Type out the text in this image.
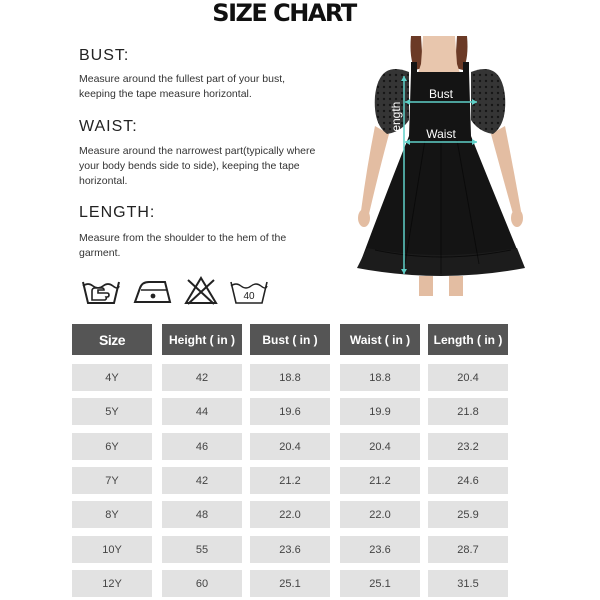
SIZE CHART
BUST:
Measure around the fullest part of your bust, keeping the tape measure horizontal.
WAIST:
Measure around the narrowest part(typically where your body bends side to side), keeping the tape horizontal.
LENGTH:
Measure from the shoulder to the hem of the garment.
40
Bust
Waist
Length
Size	Height ( in )	Bust ( in )	Waist ( in )	Length ( in )
4Y	42	18.8	18.8	20.4
5Y	44	19.6	19.9	21.8
6Y	46	20.4	20.4	23.2
7Y	42	21.2	21.2	24.6
8Y	48	22.0	22.0	25.9
10Y	55	23.6	23.6	28.7
12Y	60	25.1	25.1	31.5
